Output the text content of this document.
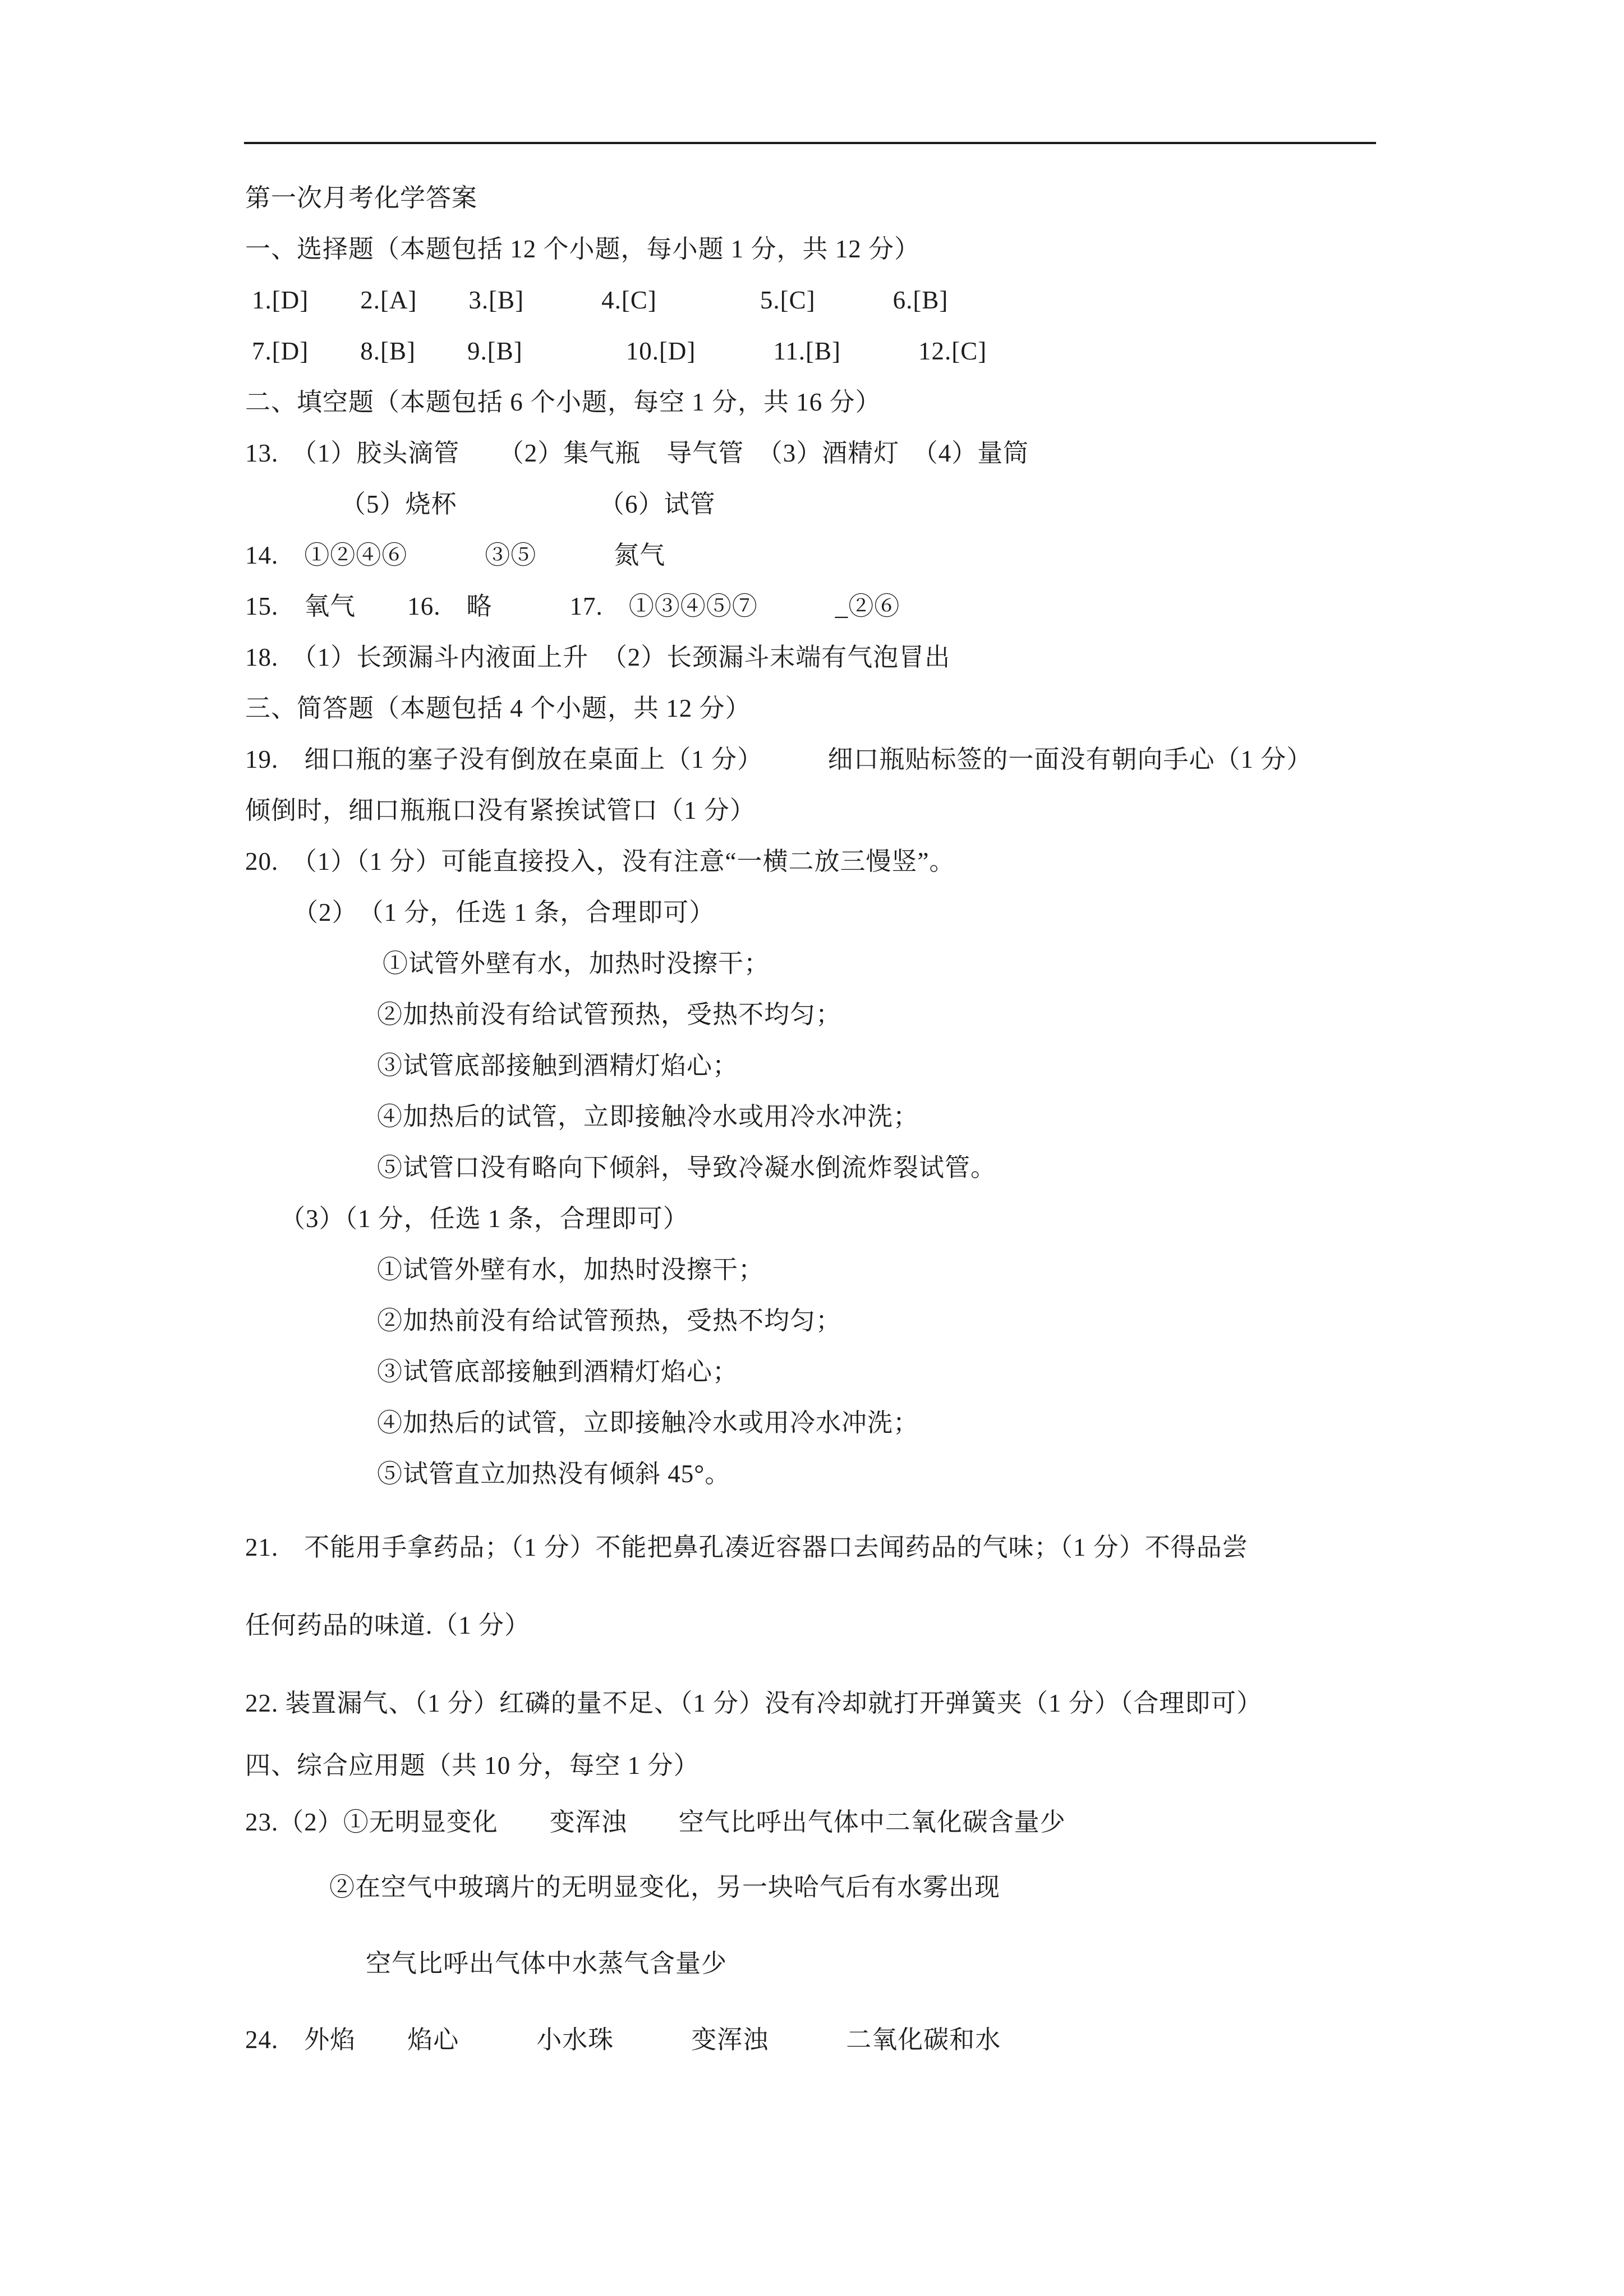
第一次月考化学答案
一、选择题（本题包括 12 个小题，每小题 1 分，共 12 分）
1.[D]　　2.[A]　　3.[B]　　　4.[C]　　　　5.[C]　　　6.[B]
7.[D]　　8.[B]　　9.[B]　　　　10.[D]　　　11.[B]　　　12.[C]
二、填空题（本题包括 6 个小题，每空 1 分，共 16 分）
13.　（1）胶头滴管　　（2）集气瓶　导气管　（3）酒精灯　（4）量筒
（5）烧杯　　　　　　（6）试管
14.　①②④⑥　　　③⑤　　　氮气
15.　氧气　　16.　略　　　17.　①③④⑤⑦　　　_②⑥
18.　（1）长颈漏斗内液面上升　（2）长颈漏斗末端有气泡冒出
三、简答题（本题包括 4 个小题，共 12 分）
19.　细口瓶的塞子没有倒放在桌面上（1 分）　　　细口瓶贴标签的一面没有朝向手心（1 分）
倾倒时，细口瓶瓶口没有紧挨试管口（1 分）
20.　（1）（1 分）可能直接投入，没有注意“一横二放三慢竖”。
（2）　（1 分，任选 1 条，合理即可）
①试管外壁有水，加热时没擦干；
②加热前没有给试管预热，受热不均匀；
③试管底部接触到酒精灯焰心；
④加热后的试管，立即接触冷水或用冷水冲洗；
⑤试管口没有略向下倾斜，导致冷凝水倒流炸裂试管。
（3）（1 分，任选 1 条，合理即可）
①试管外壁有水，加热时没擦干；
②加热前没有给试管预热，受热不均匀；
③试管底部接触到酒精灯焰心；
④加热后的试管，立即接触冷水或用冷水冲洗；
⑤试管直立加热没有倾斜 45°。
21.　不能用手拿药品；（1 分）不能把鼻孔凑近容器口去闻药品的气味；（1 分）不得品尝
任何药品的味道.（1 分）
22. 装置漏气、（1 分）红磷的量不足、（1 分）没有冷却就打开弹簧夹（1 分）（合理即可）
四、综合应用题（共 10 分，每空 1 分）
23.（2）①无明显变化　　变浑浊　　空气比呼出气体中二氧化碳含量少
②在空气中玻璃片的无明显变化，另一块哈气后有水雾出现
空气比呼出气体中水蒸气含量少
24.　外焰　　焰心　　　小水珠　　　变浑浊　　　二氧化碳和水
